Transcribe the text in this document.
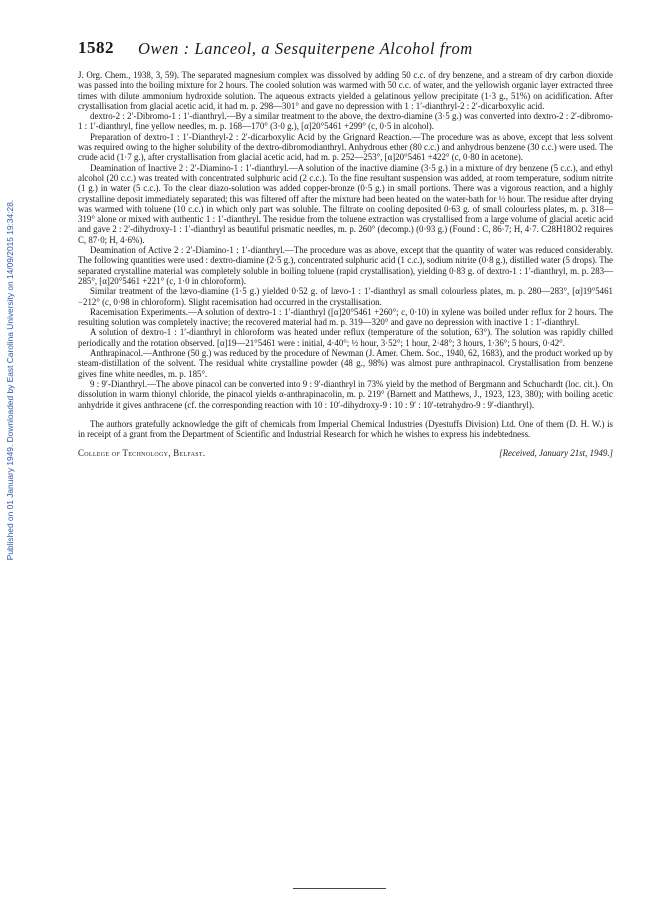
Published on 01 January 1949. Downloaded by East Carolina University on 14/09/2015 19:34:28.
1582 Owen : Lanceol, a Sesquiterpene Alcohol from

J. Org. Chem., 1938, 3, 59). The separated magnesium complex was dissolved by adding 50 c.c. of dry benzene, and a stream of dry carbon dioxide was passed into the boiling mixture for 2 hours. The cooled solution was warmed with 50 c.c. of water, and the yellowish organic layer extracted three times with dilute ammonium hydroxide solution. The aqueous extracts yielded a gelatinous yellow precipitate (1·3 g., 51%) on acidification. After crystallisation from glacial acetic acid, it had m. p. 298—301° and gave no depression with 1 : 1′-dianthryl-2 : 2′-dicarboxylic acid.

dextro-2 : 2′-Dibromo-1 : 1′-dianthryl.—By a similar treatment to the above, the dextro-diamine (3·5 g.) was converted into dextro-2 : 2′-dibromo-1 : 1′-dianthryl, fine yellow needles, m. p. 168—170° (3·0 g.), [α]20°5461 +299° (c, 0·5 in alcohol).

Preparation of dextro-1 : 1′-Dianthryl-2 : 2′-dicarboxylic Acid by the Grignard Reaction.—The procedure was as above, except that less solvent was required owing to the higher solubility of the dextro-dibromodianthryl. Anhydrous ether (80 c.c.) and anhydrous benzene (30 c.c.) were used. The crude acid (1·7 g.), after crystallisation from glacial acetic acid, had m. p. 252—253°, [α]20°5461 +422° (c, 0·80 in acetone).

Deamination of Inactive 2 : 2′-Diamino-1 : 1′-dianthryl.—A solution of the inactive diamine (3·5 g.) in a mixture of dry benzene (5 c.c.), and ethyl alcohol (20 c.c.) was treated with concentrated sulphuric acid (2 c.c.). To the fine resultant suspension was added, at room temperature, sodium nitrite (1 g.) in water (5 c.c.). To the clear diazo-solution was added copper-bronze (0·5 g.) in small portions. There was a vigorous reaction, and a highly crystalline deposit immediately separated; this was filtered off after the mixture had been heated on the water-bath for ½ hour. The residue after drying was warmed with toluene (10 c.c.) in which only part was soluble. The filtrate on cooling deposited 0·63 g. of small colourless plates, m. p. 318—319° alone or mixed with authentic 1 : 1′-dianthryl. The residue from the toluene extraction was crystallised from a large volume of glacial acetic acid and gave 2 : 2′-dihydroxy-1 : 1′-dianthryl as beautiful prismatic needles, m. p. 260° (decomp.) (0·93 g.) (Found : C, 86·7; H, 4·7. C28H18O2 requires C, 87·0; H, 4·6%).

Deamination of Active 2 : 2′-Diamino-1 : 1′-dianthryl.—The procedure was as above, except that the quantity of water was reduced considerably. The following quantities were used : dextro-diamine (2·5 g.), concentrated sulphuric acid (1 c.c.), sodium nitrite (0·8 g.), distilled water (5 drops). The separated crystalline material was completely soluble in boiling toluene (rapid crystallisation), yielding 0·83 g. of dextro-1 : 1′-dianthryl, m. p. 283—285°, [α]20°5461 +221° (c, 1·0 in chloroform).

Similar treatment of the lævo-diamine (1·5 g.) yielded 0·52 g. of lævo-1 : 1′-dianthryl as small colourless plates, m. p. 280—283°, [α]19°5461 −212° (c, 0·98 in chloroform). Slight racemisation had occurred in the crystallisation.

Racemisation Experiments.—A solution of dextro-1 : 1′-dianthryl ([α]20°5461 +260°; c, 0·10) in xylene was boiled under reflux for 2 hours. The resulting solution was completely inactive; the recovered material had m. p. 319—320° and gave no depression with inactive 1 : 1′-dianthryl.

A solution of dextro-1 : 1′-dianthryl in chloroform was heated under reflux (temperature of the solution, 63°). The solution was rapidly chilled periodically and the rotation observed. [α]19—21°5461 were : initial, 4·40°; ½ hour, 3·52°; 1 hour, 2·48°; 3 hours, 1·36°; 5 hours, 0·42°.

Anthrapinacol.—Anthrone (50 g.) was reduced by the procedure of Newman (J. Amer. Chem. Soc., 1940, 62, 1683), and the product worked up by steam-distillation of the solvent. The residual white crystalline powder (48 g., 98%) was almost pure anthrapinacol. Crystallisation from benzene gives fine white needles, m. p. 185°.

9 : 9′-Dianthryl.—The above pinacol can be converted into 9 : 9′-dianthryl in 73% yield by the method of Bergmann and Schuchardt (loc. cit.). On dissolution in warm thionyl chloride, the pinacol yields α-anthrapinacolin, m. p. 219° (Barnett and Matthews, J., 1923, 123, 380); with boiling acetic anhydride it gives anthracene (cf. the corresponding reaction with 10 : 10′-dihydroxy-9 : 10 : 9′ : 10′-tetrahydro-9 : 9′-dianthryl).

The authors gratefully acknowledge the gift of chemicals from Imperial Chemical Industries (Dyestuffs Division) Ltd. One of them (D. H. W.) is in receipt of a grant from the Department of Scientific and Industrial Research for which he wishes to express his indebtedness.

College of Technology, Belfast.	[Received, January 21st, 1949.]
